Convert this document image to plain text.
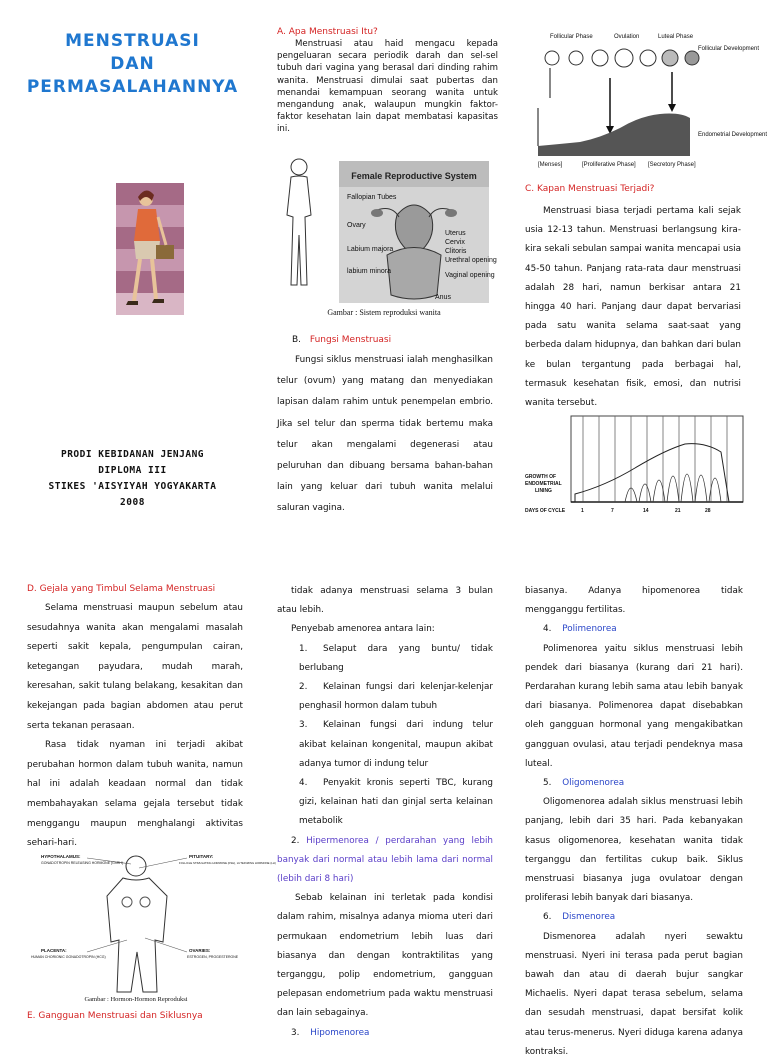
MENSTRUASI
DAN
PERMASALAHANNYA
PRODI KEBIDANAN JENJANG
DIPLOMA III
STIKES 'AISYIYAH YOGYAKARTA
2008
A. Apa Menstruasi Itu?
Menstruasi atau haid mengacu kepada pengeluaran secara periodik darah dan sel-sel tubuh dari vagina yang berasal dari dinding rahim wanita. Menstruasi dimulai saat pubertas dan menandai kemampuan seorang wanita untuk mengandung anak, walaupun mungkin faktor-faktor kesehatan lain dapat membatasi kapasitas ini.
Female Reproductive System
Fallopian Tubes
Ovary
Labium majora
labium minora
Uterus
Cervix
Clitoris
Urethral opening
Vaginal opening
Anus
Gambar : Sistem reproduksi wanita
B. Fungsi Menstruasi
Fungsi siklus menstruasi ialah menghasilkan telur (ovum) yang matang dan menyediakan lapisan dalam rahim untuk penempelan embrio. Jika sel telur dan sperma tidak bertemu maka telur akan mengalami degenerasi atau peluruhan dan dibuang bersama bahan-bahan lain yang keluar dari tubuh wanita melalui saluran vagina.
Follicular Phase	Ovulation	Luteal Phase
Follicular Development
Endometrial Development
[Menses]	[Proliferative Phase] [Secretory Phase]
C. Kapan Menstruasi Terjadi?
Menstruasi biasa terjadi pertama kali sejak usia 12-13 tahun. Menstruasi berlangsung kira-kira sekali sebulan sampai wanita mencapai usia 45-50 tahun. Panjang rata-rata daur menstruasi adalah 28 hari, namun berkisar antara 21 hingga 40 hari. Panjang daur dapat bervariasi pada satu wanita selama saat-saat yang berbeda dalam hidupnya, dan bahkan dari bulan ke bulan tergantung pada berbagai hal, termasuk kesehatan fisik, emosi, dan nutrisi wanita tersebut.
GROWTH OF ENDOMETRIAL LINING
DAYS OF CYCLE	1	7	14	21	28
D. Gejala yang Timbul Selama Menstruasi

Selama menstruasi maupun sebelum atau sesudahnya wanita akan mengalami masalah seperti sakit kepala, pengumpulan cairan, ketegangan payudara, mudah marah, keresahan, sakit tulang belakang, kesakitan dan kekejangan pada bagian abdomen atau perut serta tekanan perasaan.

Rasa tidak nyaman ini terjadi akibat perubahan hormon dalam tubuh wanita, namun hal ini adalah keadaan normal dan tidak membahayakan selama gejala tersebut tidak menggangu maupun menghalangi aktivitas sehari-hari.

HYPOTHALAMUS:
GONADOTROPIN RELEASING HORMONE (GnRH)
PLACENTA:
HUMAN CHORIONIC GONADOTROPIN (HCG)
PITUITARY:
FOLLICLE STIMULATING HORMONE (FSH), LUTEINIZING HORMONE (LH)
OVARIES:
ESTROGEN, PROGESTERONE
Gambar : Hormon-Hormon Reproduksi
E. Gangguan Menstruasi dan Siklusnya

tidak adanya menstruasi selama 3 bulan atau lebih.

Penyebab amenorea antara lain:

1.	Selaput dara yang buntu/ tidak berlubang
2.	Kelainan fungsi dari kelenjar-kelenjar penghasil hormon dalam tubuh
3.	Kelainan fungsi dari indung telur akibat kelainan kongenital, maupun akibat adanya tumor di indung telur
4.	Penyakit kronis seperti TBC, kurang gizi, kelainan hati dan ginjal serta kelainan metabolik

2. Hipermenorea / perdarahan yang lebih banyak dari normal atau lebih lama dari normal (lebih dari 8 hari)

Sebab kelainan ini terletak pada kondisi dalam rahim, misalnya adanya mioma uteri dari permukaan endometrium lebih luas dari biasanya dan dengan kontraktilitas yang terganggu, polip endometrium, gangguan pelepasan endometrium pada waktu menstruasi dan lain sebagainya.

3. Hipomenorea

biasanya. Adanya hipomenorea tidak mengganggu fertilitas.

4. Polimenorea

Polimenorea yaitu siklus menstruasi lebih pendek dari biasanya (kurang dari 21 hari). Perdarahan kurang lebih sama atau lebih banyak dari biasanya. Polimenorea dapat disebabkan oleh gangguan hormonal yang mengakibatkan gangguan ovulasi, atau terjadi pendeknya masa luteal.

5. Oligomenorea

Oligomenorea adalah siklus menstruasi lebih panjang, lebih dari 35 hari. Pada kebanyakan kasus oligomenorea, kesehatan wanita tidak terganggu dan fertilitas cukup baik. Siklus menstruasi biasanya juga ovulatoar dengan proliferasi lebih banyak dari biasanya.

6. Dismenorea

Dismenorea adalah nyeri sewaktu menstruasi. Nyeri ini terasa pada perut bagian bawah dan atau di daerah bujur sangkar Michaelis. Nyeri dapat terasa sebelum, selama dan sesudah menstruasi, dapat bersifat kolik atau terus-menerus. Nyeri diduga karena adanya kontraksi.
